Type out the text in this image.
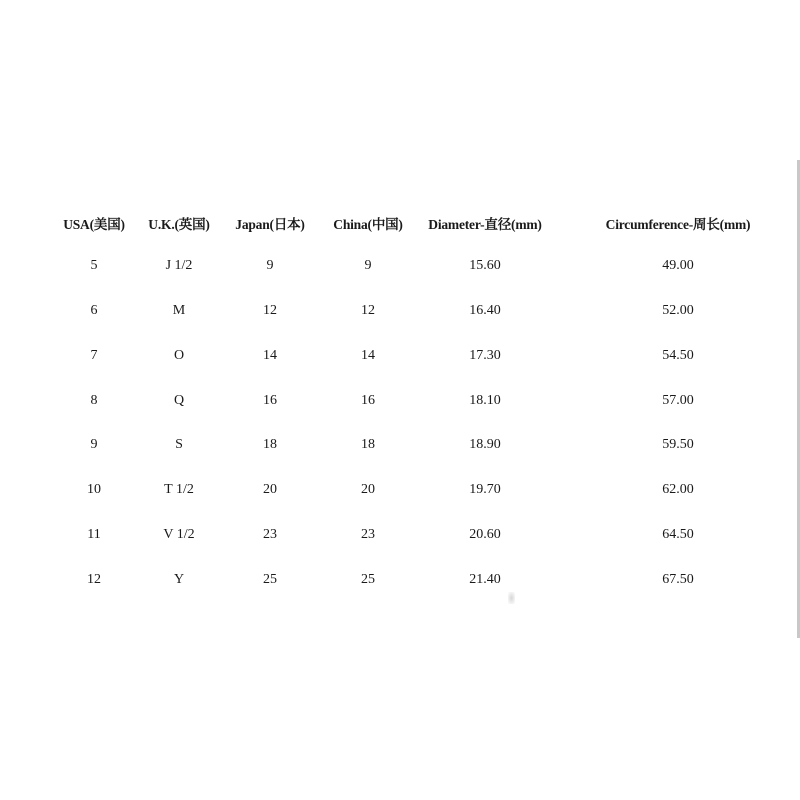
USA(美国) U.K.(英国) Japan(日本) China(中国) Diameter-直径(mm)	Circumference-周长(mm)
5	J 1/2	9	9	15.60	49.00
6	M	12	12	16.40	52.00
7	O	14	14	17.30	54.50
8	Q	16	16	18.10	57.00
9	S	18	18	18.90	59.50
10	T 1/2	20	20	19.70	62.00
11	V 1/2	23	23	20.60	64.50
12	Y	25	25	21.40	67.50
